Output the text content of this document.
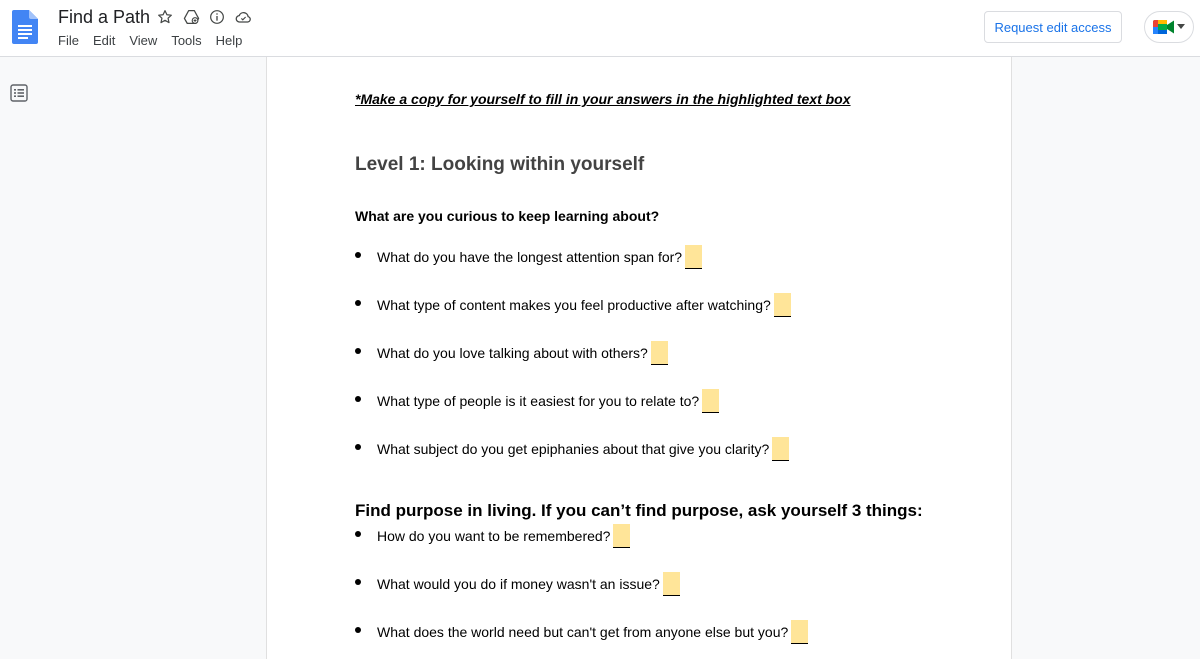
Find a Path
File Edit View Tools Help
Request edit access
*Make a copy for yourself to fill in your answers in the highlighted text box
Level 1: Looking within yourself
What are you curious to keep learning about?
What do you have the longest attention span for?
What type of content makes you feel productive after watching?
What do you love talking about with others?
What type of people is it easiest for you to relate to?
What subject do you get epiphanies about that give you clarity?
Find purpose in living. If you can’t find purpose, ask yourself 3 things:
How do you want to be remembered?
What would you do if money wasn't an issue?
What does the world need but can't get from anyone else but you?
